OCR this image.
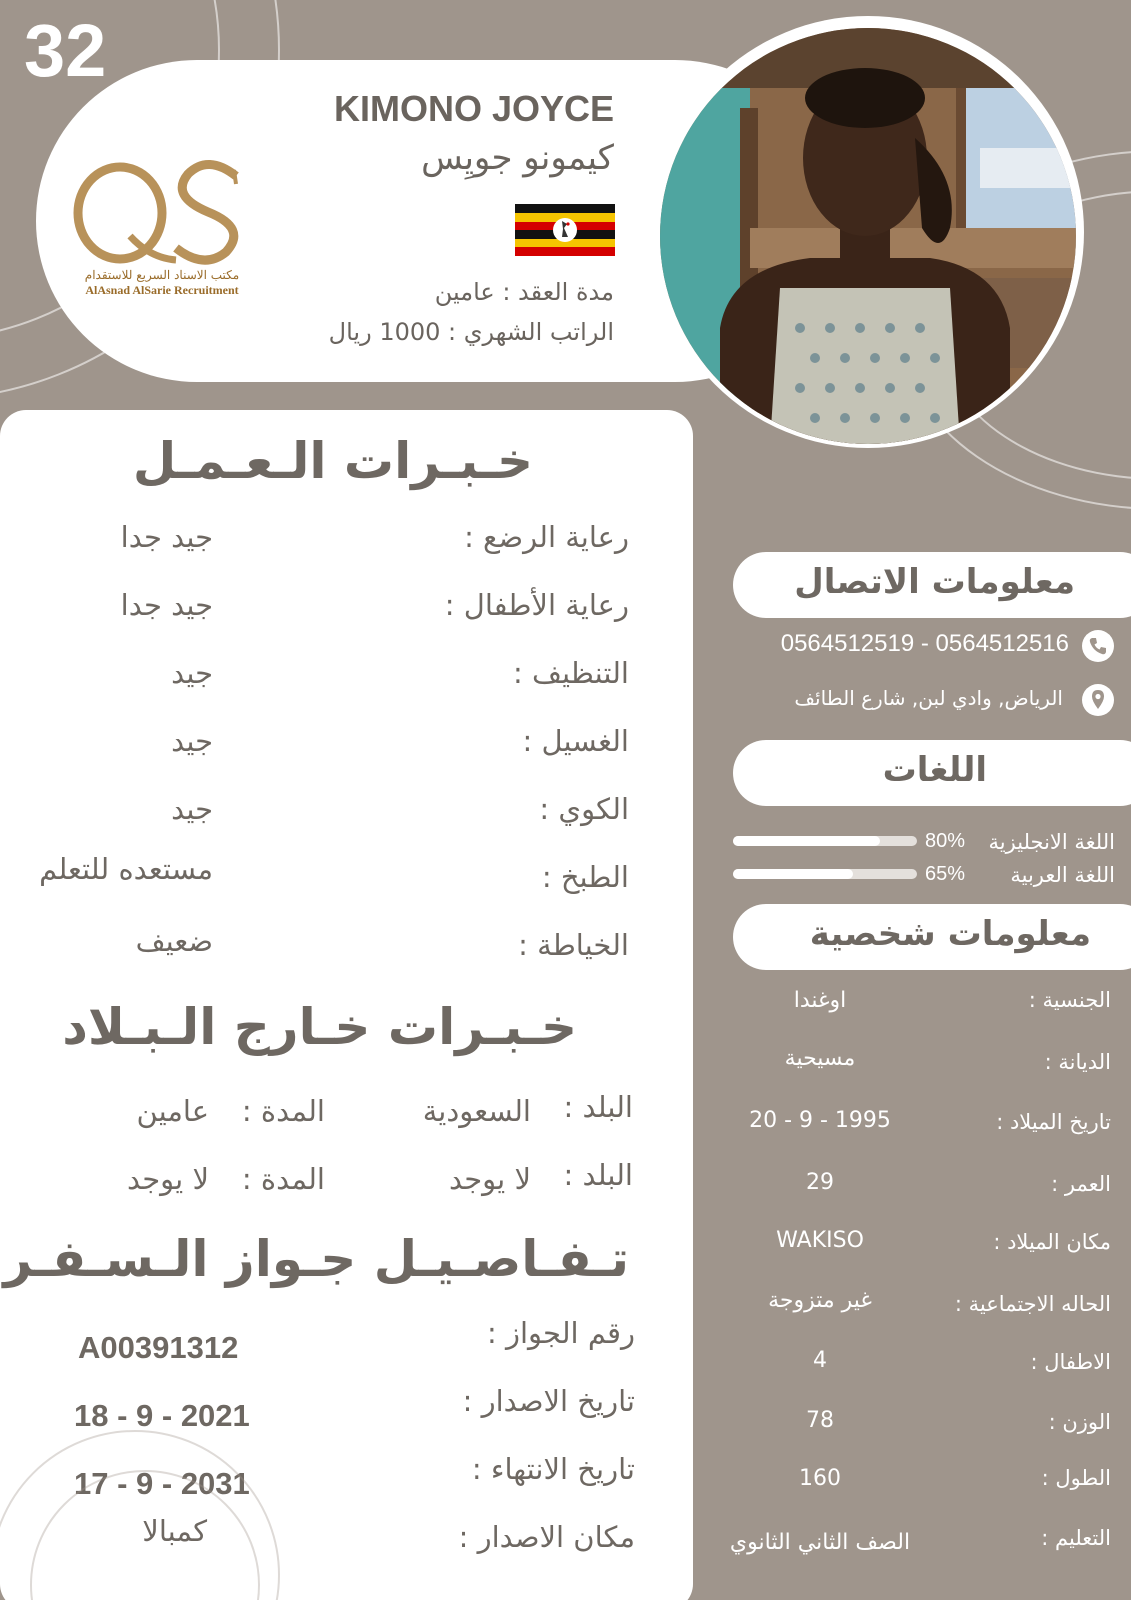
32
مكتب الاسناد السريع للاستقدام
AlAsnad AlSarie Recruitment
KIMONO JOYCE
كيمونو جويِس
مدة العقد : عامين
الراتب الشهري : 1000 ريال
خـبـرات الـعـمـل
رعاية الرضع :
جيد جدا
رعاية الأطفال :
جيد جدا
التنظيف :
جيد
الغسيل :
جيد
الكوي :
جيد
الطبخ :
مستعده للتعلم
الخياطة :
ضعيف
خـبـرات خـارج الـبـلاد
البلد :
السعودية
المدة :
عامين
البلد :
لا يوجد
المدة :
لا يوجد
تـفـاصـيـل جـواز الـسـفـر
رقم الجواز :
A00391312
تاريخ الاصدار :
18 - 9 - 2021
تاريخ الانتهاء :
17 - 9 - 2031
مكان الاصدار :
كمبالا
معلومات الاتصال
0564512519 - 0564512516
الرياض, وادي لبن, شارع الطائف
اللغات
80% اللغة الانجليزية
65% اللغة العربية
معلومات شخصية
الجنسية :
اوغندا
الديانة :
مسيحية
تاريخ الميلاد :
20 - 9 - 1995
العمر :
29
مكان الميلاد :
WAKISO
الحاله الاجتماعية :
غير متزوجة
الاطفال :
4
الوزن :
78
الطول :
160
التعليم :
الصف الثاني الثانوي
